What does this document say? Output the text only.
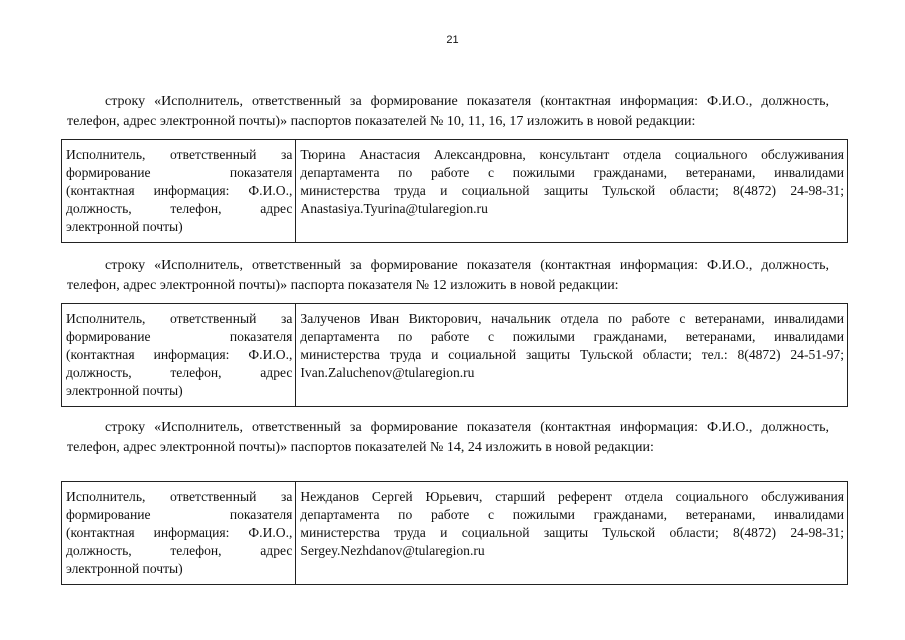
21

строку «Исполнитель, ответственный за формирование показателя (контактная информация: Ф.И.О., должность, телефон, адрес электронной почты)» паспортов показателей № 10, 11, 16, 17 изложить в новой редакции:

Исполнитель, ответственный за
формирование показателя
(контактная информация: Ф.И.О.,
должность, телефон, адрес
электронной почты)
Тюрина Анастасия Александровна, консультант отдела социального обслуживания
департамента по работе с пожилыми гражданами, ветеранами, инвалидами
министерства труда и социальной защиты Тульской области; 8(4872) 24-98-31;
Anastasiya.Tyurina@tularegion.ru

строку «Исполнитель, ответственный за формирование показателя (контактная информация: Ф.И.О., должность, телефон, адрес электронной почты)» паспорта показателя № 12 изложить в новой редакции:

Исполнитель, ответственный за
формирование показателя
(контактная информация: Ф.И.О.,
должность, телефон, адрес
электронной почты)
Залученов Иван Викторович, начальник отдела по работе с ветеранами, инвалидами
департамента по работе с пожилыми гражданами, ветеранами, инвалидами
министерства труда и социальной защиты Тульской области; тел.: 8(4872) 24-51-97;
Ivan.Zaluchenov@tularegion.ru

строку «Исполнитель, ответственный за формирование показателя (контактная информация: Ф.И.О., должность, телефон, адрес электронной почты)» паспортов показателей № 14, 24 изложить в новой редакции:

Исполнитель, ответственный за
формирование показателя
(контактная информация: Ф.И.О.,
должность, телефон, адрес
электронной почты)
Нежданов Сергей Юрьевич, старший референт отдела социального обслуживания
департамента по работе с пожилыми гражданами, ветеранами, инвалидами
министерства труда и социальной защиты Тульской области; 8(4872) 24-98-31;
Sergey.Nezhdanov@tularegion.ru
